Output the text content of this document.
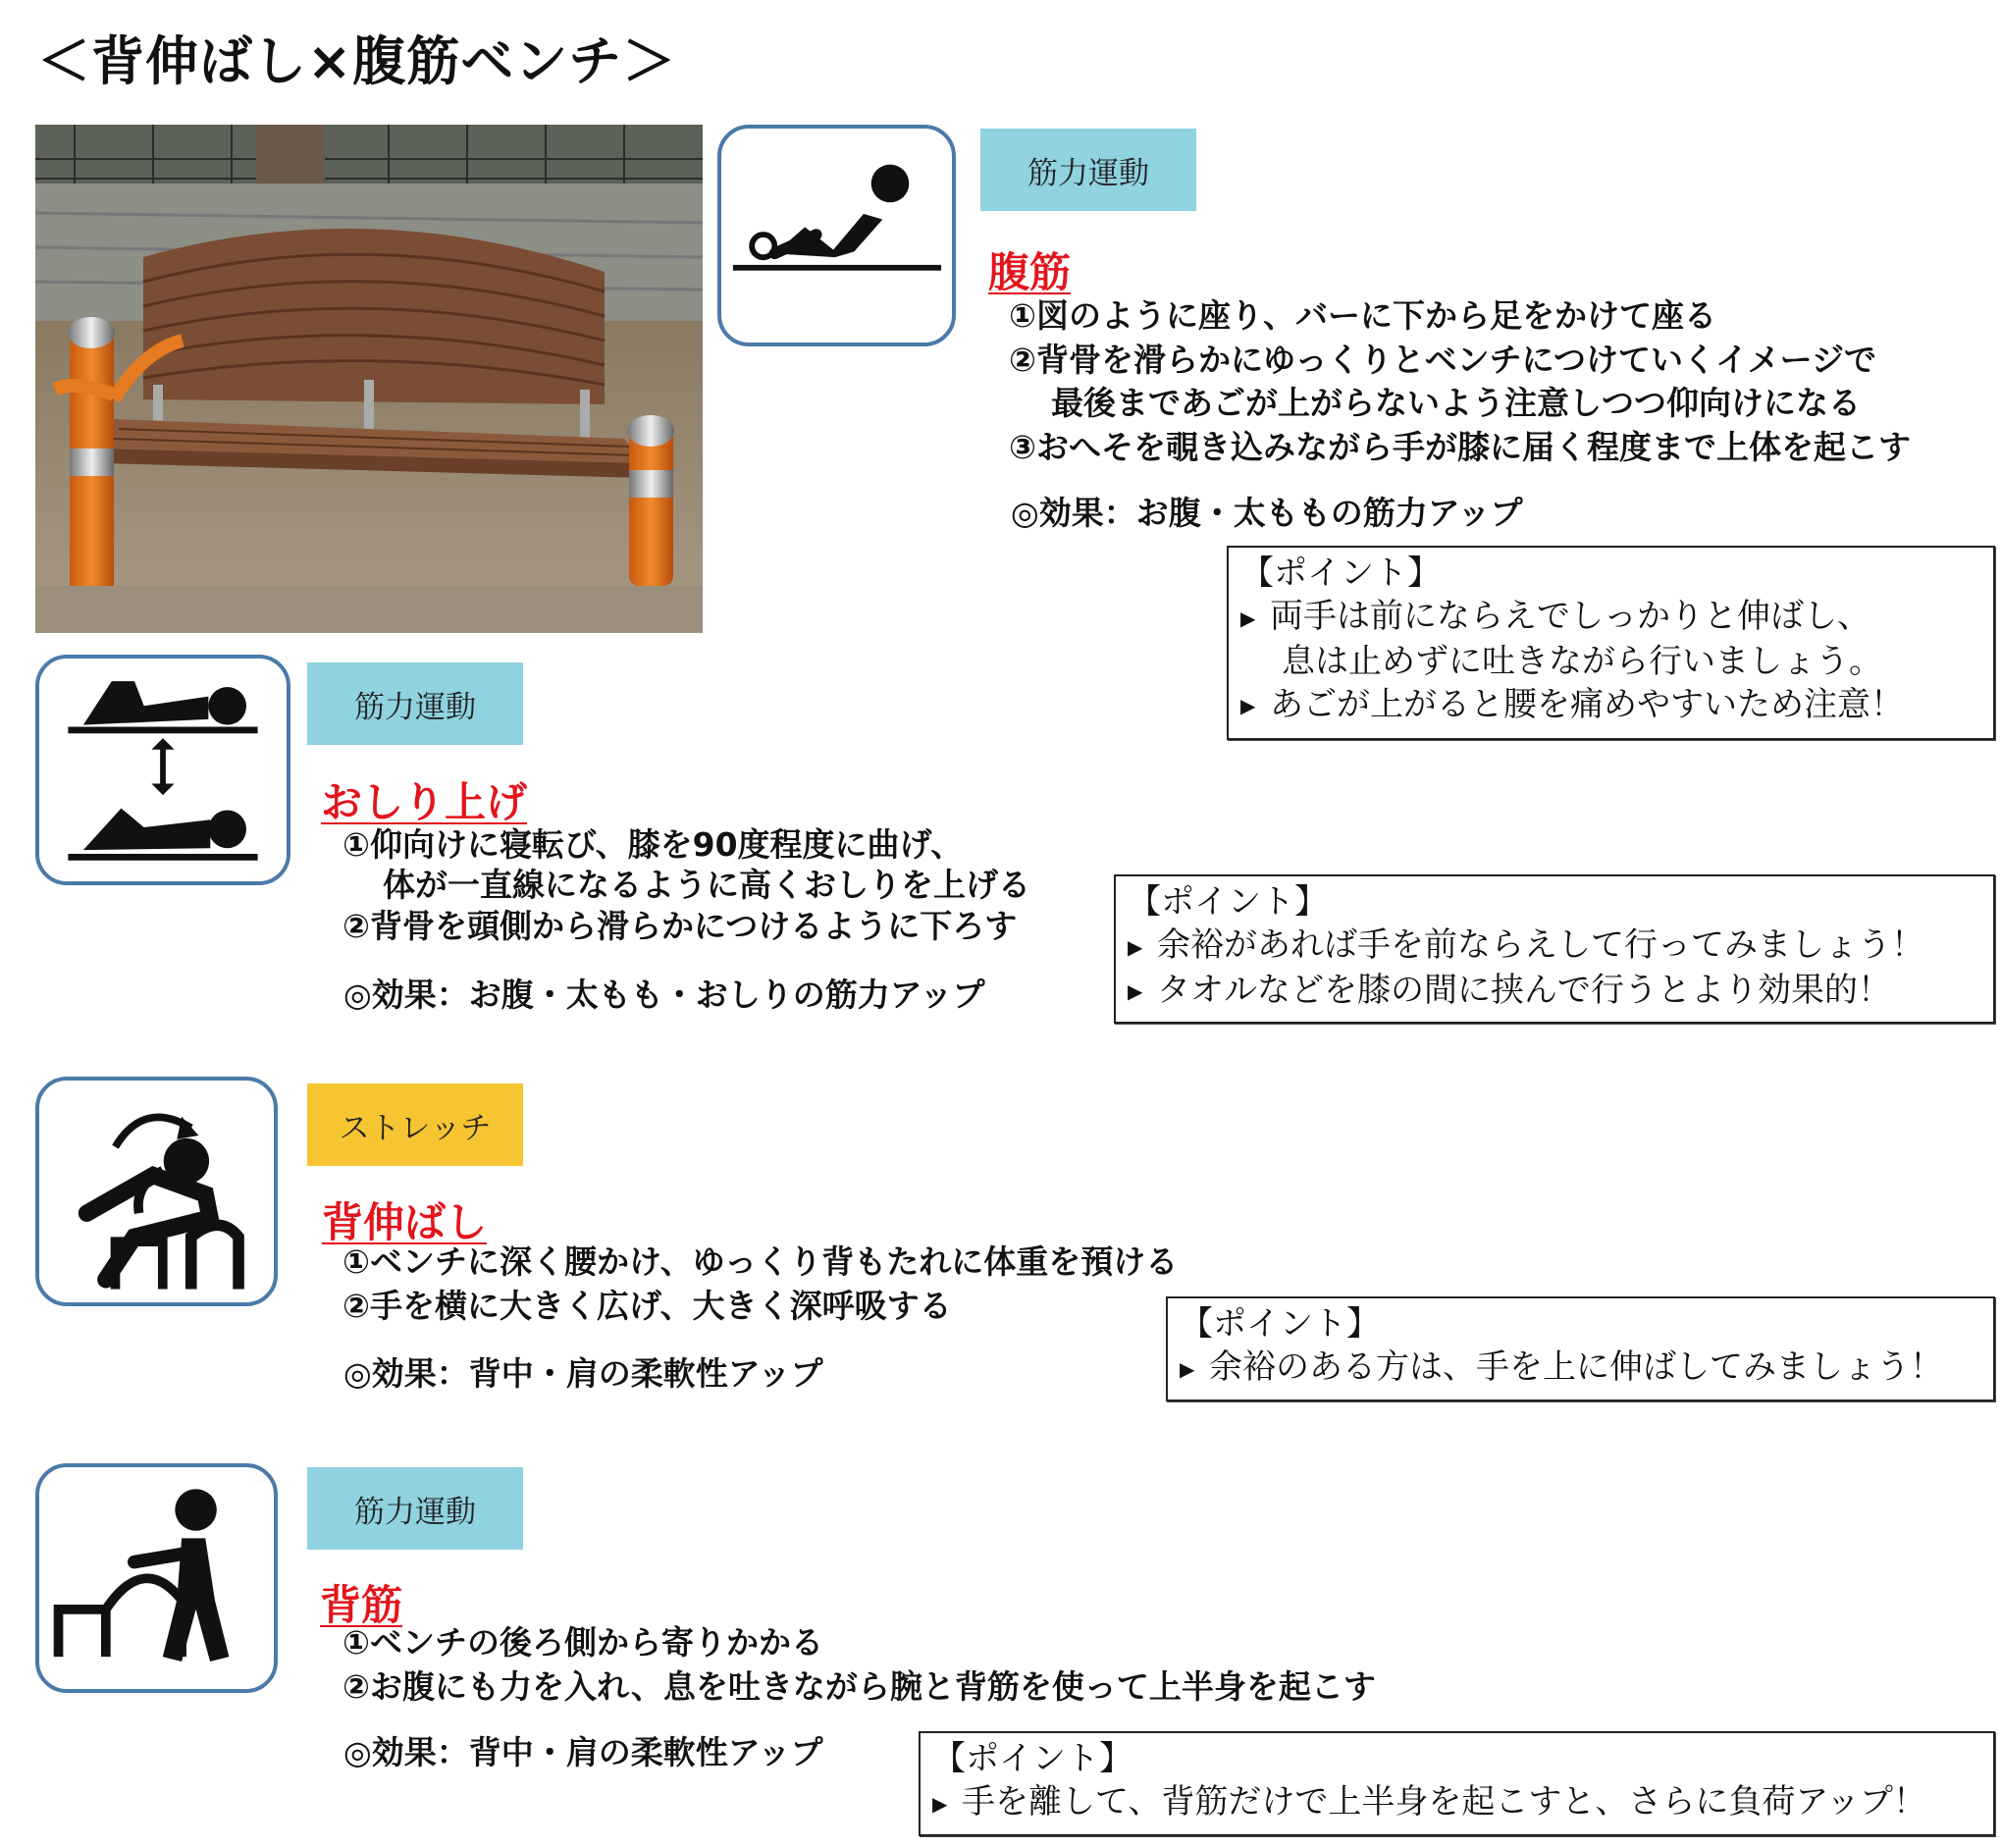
＜背伸ばし×腹筋ベンチ＞
筋力運動
腹筋
①図のように座り、バーに下から足をかけて座る
②背骨を滑らかにゆっくりとベンチにつけていくイメージで
最後まであごが上がらないよう注意しつつ仰向けになる
③おへそを覗き込みながら手が膝に届く程度まで上体を起こす
◎効果：お腹・太ももの筋力アップ
【ポイント】
▶ 両手は前にならえでしっかりと伸ばし、
息は止めずに吐きながら行いましょう。
▶ あごが上がると腰を痛めやすいため注意！
筋力運動
おしり上げ
①仰向けに寝転び、膝を90度程度に曲げ、
体が一直線になるように高くおしりを上げる
②背骨を頭側から滑らかにつけるように下ろす
◎効果：お腹・太もも・おしりの筋力アップ
【ポイント】
▶ 余裕があれば手を前ならえして行ってみましょう！
▶ タオルなどを膝の間に挟んで行うとより効果的！
ストレッチ
背伸ばし
①ベンチに深く腰かけ、ゆっくり背もたれに体重を預ける
②手を横に大きく広げ、大きく深呼吸する
◎効果：背中・肩の柔軟性アップ
【ポイント】
▶ 余裕のある方は、手を上に伸ばしてみましょう！
筋力運動
背筋
①ベンチの後ろ側から寄りかかる
②お腹にも力を入れ、息を吐きながら腕と背筋を使って上半身を起こす
◎効果：背中・肩の柔軟性アップ	【ポイント】
▶ 手を離して、背筋だけで上半身を起こすと、さらに負荷アップ！
